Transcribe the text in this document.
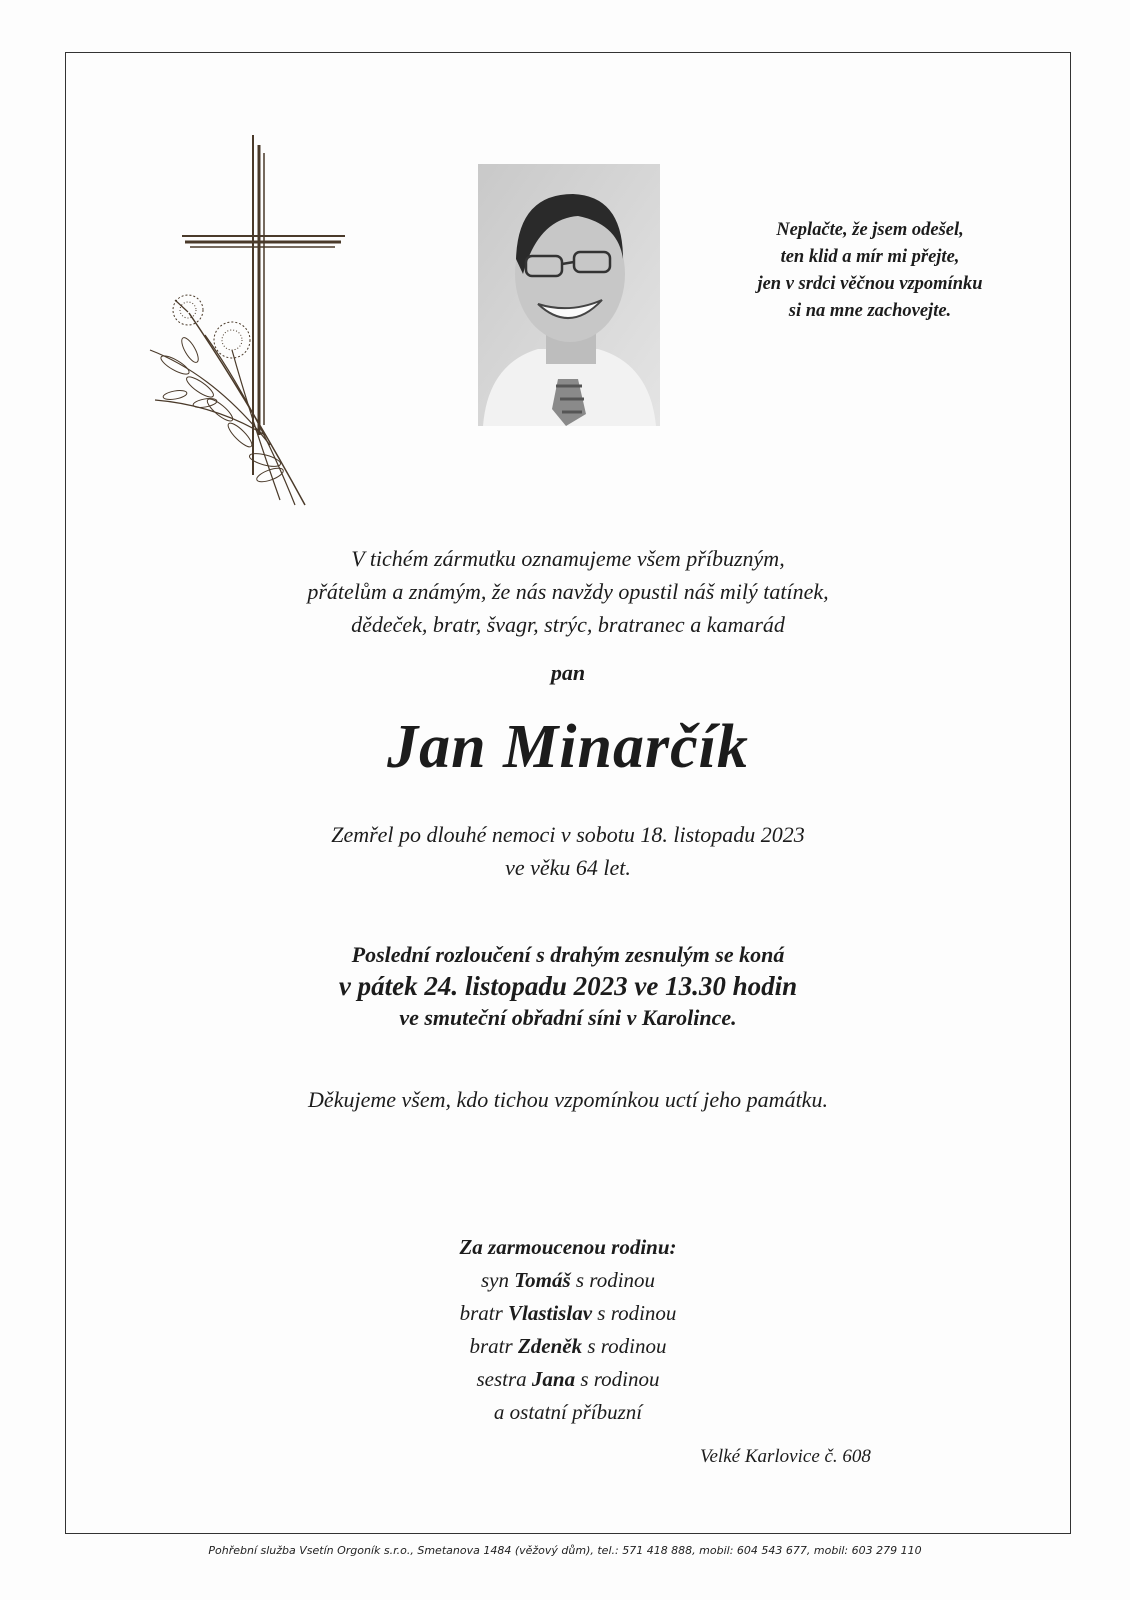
Neplačte, že jsem odešel,
ten klid a mír mi přejte,
jen v srdci věčnou vzpomínku
si na mne zachovejte.
V tichém zármutku oznamujeme všem příbuzným,
přátelům a známým, že nás navždy opustil náš milý tatínek,
dědeček, bratr, švagr, strýc, bratranec a kamarád
pan
Jan Minarčík
Zemřel po dlouhé nemoci v sobotu 18. listopadu 2023
ve věku 64 let.
Poslední rozloučení s drahým zesnulým se koná
v pátek 24. listopadu 2023 ve 13.30 hodin
ve smuteční obřadní síni v Karolince.
Děkujeme všem, kdo tichou vzpomínkou uctí jeho památku.
Za zarmoucenou rodinu:
syn Tomáš s rodinou
bratr Vlastislav s rodinou
bratr Zdeněk s rodinou
sestra Jana s rodinou
a ostatní příbuzní
Velké Karlovice č. 608
Pohřební služba Vsetín Orgoník s.r.o., Smetanova 1484 (věžový dům), tel.: 571 418 888, mobil: 604 543 677, mobil: 603 279 110
